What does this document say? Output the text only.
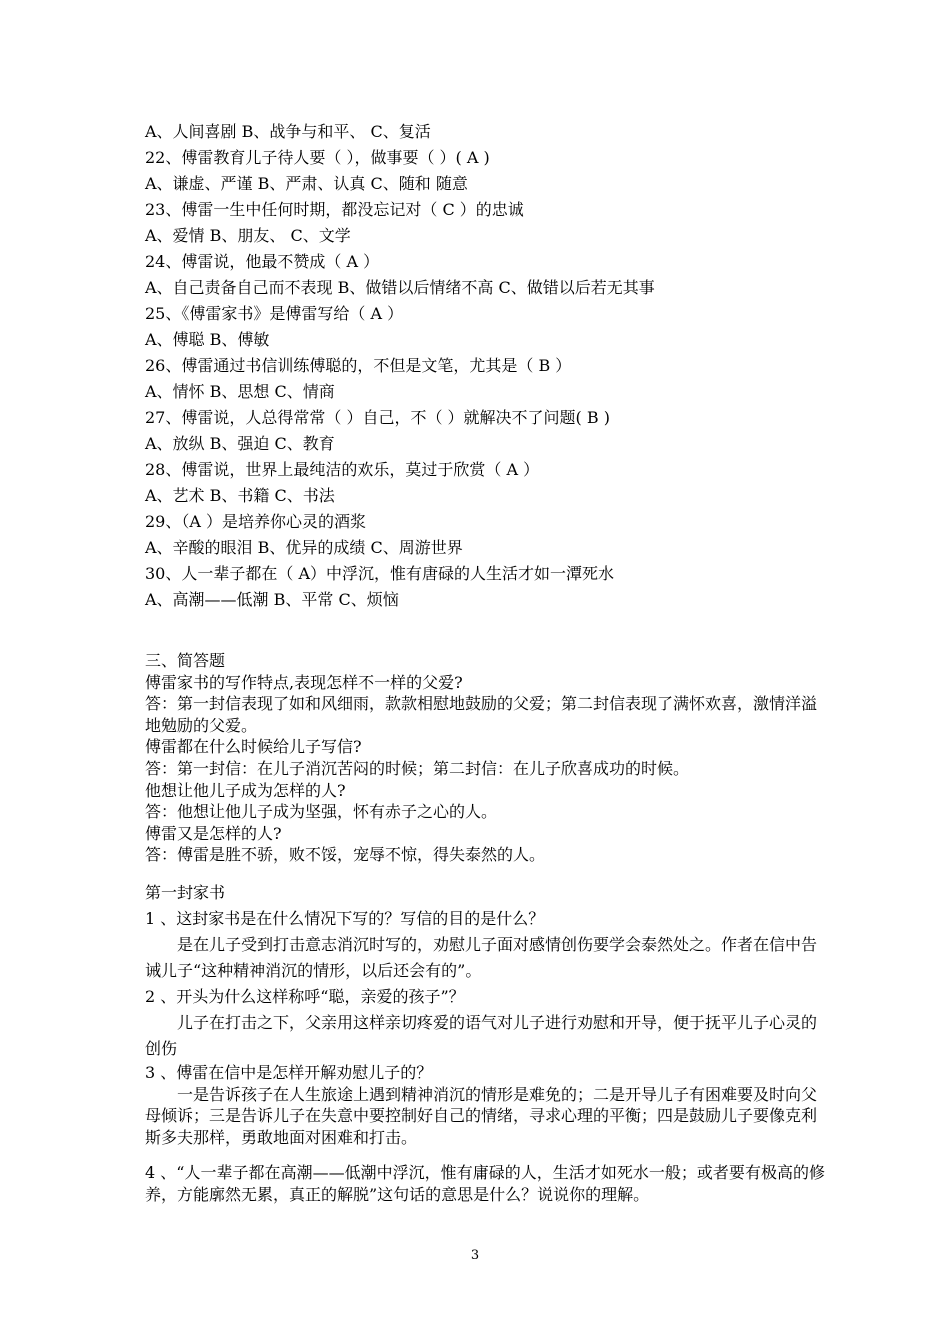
A、人间喜剧 B、战争与和平、 C、复活
22、傅雷教育儿子待人要（ ），做事要（ ）( A )
A、谦虚、严谨 B、严肃、认真 C、随和 随意
23、傅雷一生中任何时期，都没忘记对（ C ）的忠诚
A、爱情 B、朋友、 C、文学
24、傅雷说，他最不赞成（ A ）
A、自己责备自己而不表现 B、做错以后情绪不高 C、做错以后若无其事
25、《傅雷家书》是傅雷写给（ A ）
A、傅聪 B、傅敏
26、傅雷通过书信训练傅聪的，不但是文笔，尤其是（ B ）
A、情怀 B、思想 C、情商
27、傅雷说，人总得常常（ ）自己，不（ ）就解决不了问题( B )
A、放纵 B、强迫 C、教育
28、傅雷说，世界上最纯洁的欢乐，莫过于欣赏（ A ）
A、艺术 B、书籍 C、书法
29、（A ）是培养你心灵的酒浆
A、辛酸的眼泪 B、优异的成绩 C、周游世界
30、人一辈子都在（ A）中浮沉，惟有唐碌的人生活才如一潭死水
A、高潮——低潮 B、平常 C、烦恼
三、简答题
傅雷家书的写作特点,表现怎样不一样的父爱?
答：第一封信表现了如和风细雨，款款相慰地鼓励的父爱；第二封信表现了满怀欢喜，激情洋溢地勉励的父爱。
傅雷都在什么时候给儿子写信?
答：第一封信：在儿子消沉苦闷的时候；第二封信：在儿子欣喜成功的时候。
他想让他儿子成为怎样的人?
答：他想让他儿子成为坚强，怀有赤子之心的人。
傅雷又是怎样的人?
答：傅雷是胜不骄，败不馁，宠辱不惊，得失泰然的人。
第一封家书
1 、这封家书是在什么情况下写的？写信的目的是什么？
是在儿子受到打击意志消沉时写的，劝慰儿子面对感情创伤要学会泰然处之。作者在信中告诫儿子“这种精神消沉的情形，以后还会有的”。
2 、开头为什么这样称呼“聪，亲爱的孩子”？
儿子在打击之下，父亲用这样亲切疼爱的语气对儿子进行劝慰和开导，便于抚平儿子心灵的创伤
3 、傅雷在信中是怎样开解劝慰儿子的？
一是告诉孩子在人生旅途上遇到精神消沉的情形是难免的；二是开导儿子有困难要及时向父母倾诉；三是告诉儿子在失意中要控制好自己的情绪，寻求心理的平衡；四是鼓励儿子要像克利斯多夫那样，勇敢地面对困难和打击。
4 、“人一辈子都在高潮——低潮中浮沉，惟有庸碌的人，生活才如死水一般；或者要有极高的修养，方能廓然无累，真正的解脱”这句话的意思是什么？说说你的理解。
3
